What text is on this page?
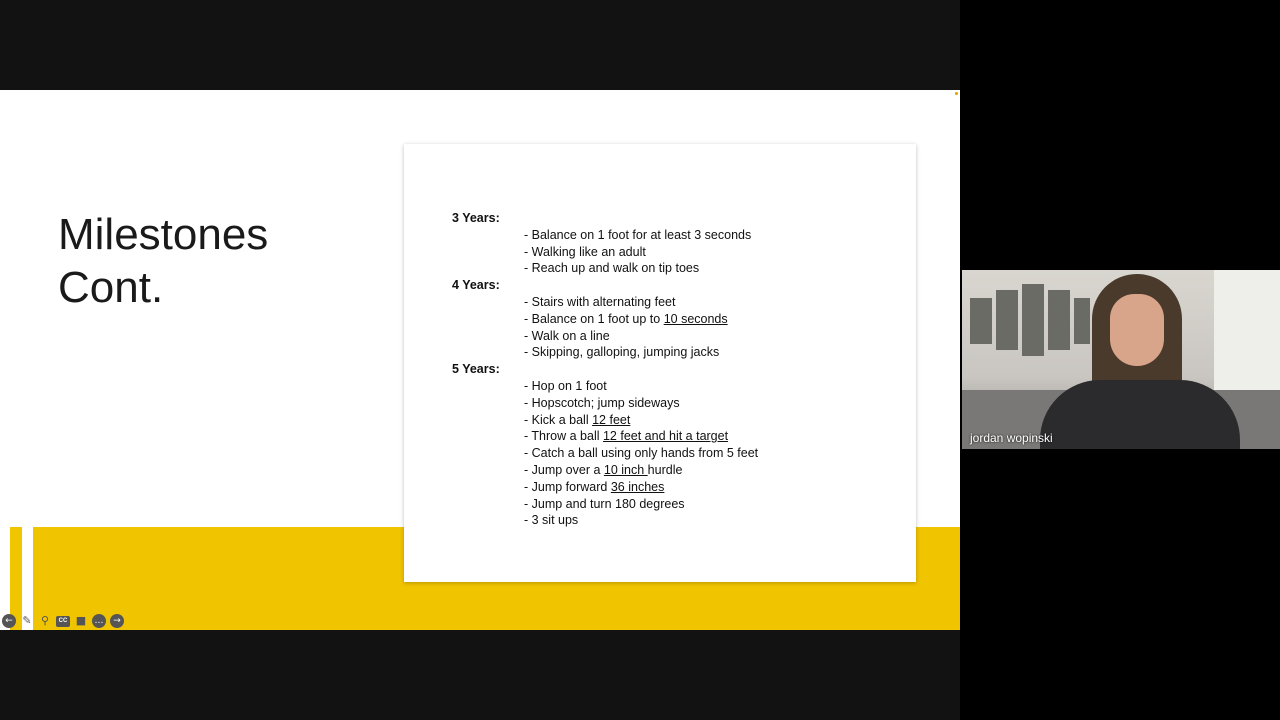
Milestones
Cont.
3 Years:
- Balance on 1 foot for at least 3 seconds
- Walking like an adult
- Reach up and walk on tip toes
4 Years:
- Stairs with alternating feet
- Balance on 1 foot up to 10 seconds
- Walk on a line
- Skipping, galloping, jumping jacks
5 Years:
- Hop on 1 foot
- Hopscotch; jump sideways
- Kick a ball 12 feet
- Throw a ball 12 feet and hit a target
- Catch a ball using only hands from 5 feet
- Jump over a 10 inch hurdle
- Jump forward 36 inches
- Jump and turn 180 degrees
- 3 sit ups
← ✎ ⚲	CC ■ …	→
jordan wopinski
